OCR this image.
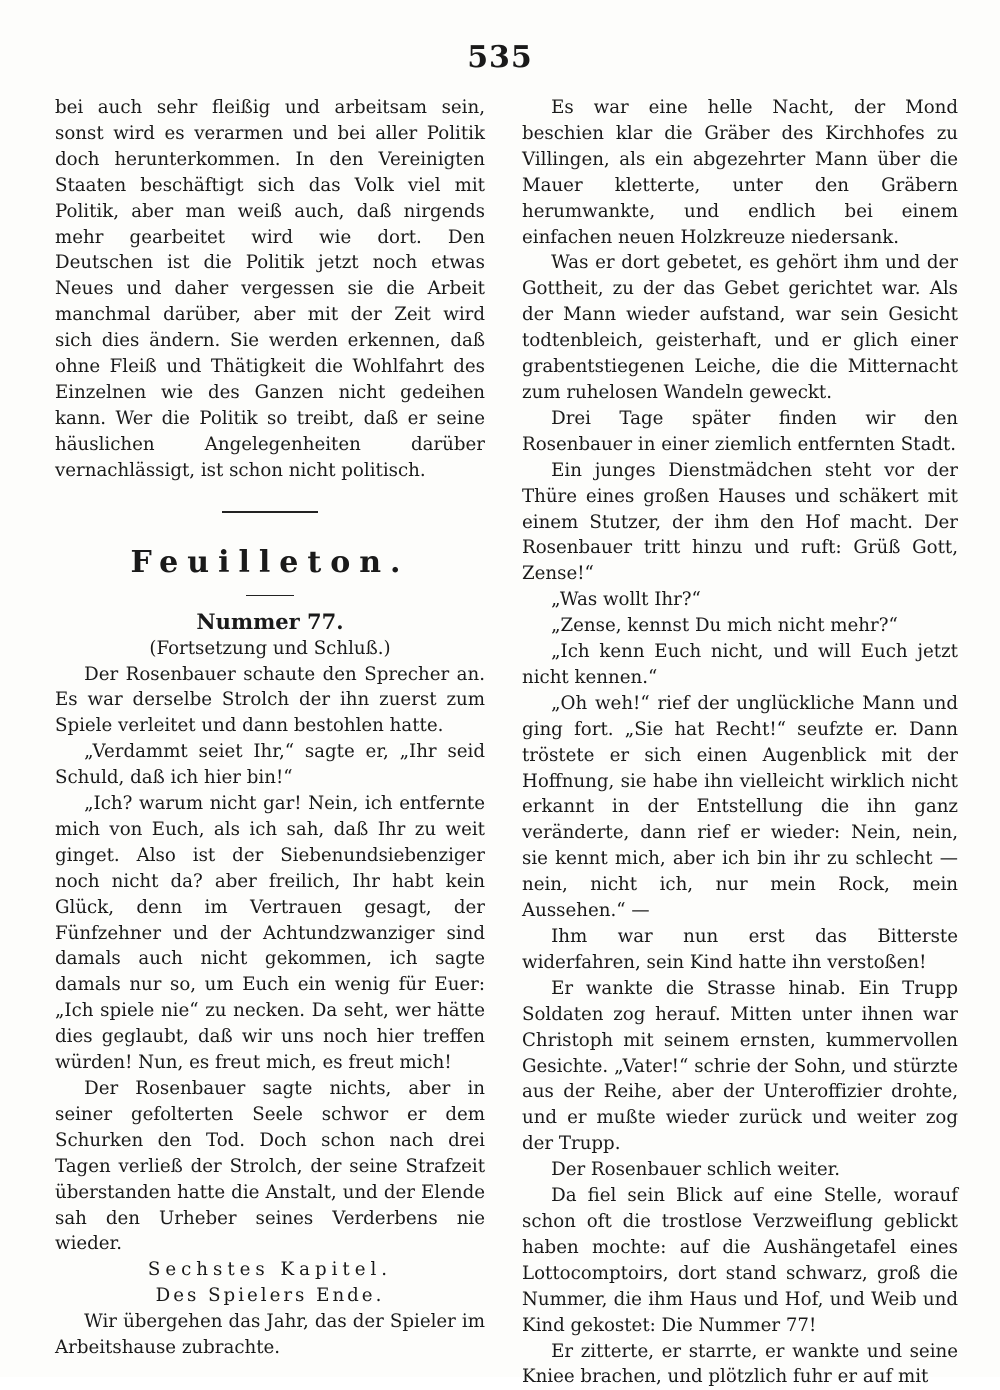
535

bei auch sehr fleißig und arbeitsam sein, sonst wird es verarmen und bei aller Politik doch herunterkommen. In den Vereinigten Staaten beschäftigt sich das Volk viel mit Politik, aber man weiß auch, daß nirgends mehr gearbeitet wird wie dort. Den Deutschen ist die Politik jetzt noch etwas Neues und daher vergessen sie die Arbeit manchmal darüber, aber mit der Zeit wird sich dies ändern. Sie werden erkennen, daß ohne Fleiß und Thätigkeit die Wohlfahrt des Einzelnen wie des Ganzen nicht gedeihen kann. Wer die Politik so treibt, daß er seine häuslichen Angelegenheiten darüber vernachlässigt, ist schon nicht politisch.

Feuilleton.
Nummer 77.

(Fortsetzung und Schluß.)

Der Rosenbauer schaute den Sprecher an. Es war derselbe Strolch der ihn zuerst zum Spiele verleitet und dann bestohlen hatte.

„Verdammt seiet Ihr,“ sagte er, „Ihr seid Schuld, daß ich hier bin!“

„Ich? warum nicht gar! Nein, ich entfernte mich von Euch, als ich sah, daß Ihr zu weit ginget. Also ist der Siebenundsiebenziger noch nicht da? aber freilich, Ihr habt kein Glück, denn im Vertrauen gesagt, der Fünfzehner und der Achtundzwanziger sind damals auch nicht gekommen, ich sagte damals nur so, um Euch ein wenig für Euer: „Ich spiele nie“ zu necken. Da seht, wer hätte dies geglaubt, daß wir uns noch hier treffen würden! Nun, es freut mich, es freut mich!

Der Rosenbauer sagte nichts, aber in seiner gefolterten Seele schwor er dem Schurken den Tod. Doch schon nach drei Tagen verließ der Strolch, der seine Strafzeit überstanden hatte die Anstalt, und der Elende sah den Urheber seines Verderbens nie wieder.

Sechstes Kapitel.

Des Spielers Ende.

Wir übergehen das Jahr, das der Spieler im Arbeitshause zubrachte.

Es war eine helle Nacht, der Mond beschien klar die Gräber des Kirchhofes zu Villingen, als ein abgezehrter Mann über die Mauer kletterte, unter den Gräbern herumwankte, und endlich bei einem einfachen neuen Holzkreuze niedersank.

Was er dort gebetet, es gehört ihm und der Gottheit, zu der das Gebet gerichtet war. Als der Mann wieder aufstand, war sein Gesicht todtenbleich, geisterhaft, und er glich einer grabentstiegenen Leiche, die die Mitternacht zum ruhelosen Wandeln geweckt.

Drei Tage später finden wir den Rosenbauer in einer ziemlich entfernten Stadt.

Ein junges Dienstmädchen steht vor der Thüre eines großen Hauses und schäkert mit einem Stutzer, der ihm den Hof macht. Der Rosenbauer tritt hinzu und ruft: Grüß Gott, Zense!“

„Was wollt Ihr?“

„Zense, kennst Du mich nicht mehr?“

„Ich kenn Euch nicht, und will Euch jetzt nicht kennen.“

„Oh weh!“ rief der unglückliche Mann und ging fort. „Sie hat Recht!“ seufzte er. Dann tröstete er sich einen Augenblick mit der Hoffnung, sie habe ihn vielleicht wirklich nicht erkannt in der Entstellung die ihn ganz veränderte, dann rief er wieder: Nein, nein, sie kennt mich, aber ich bin ihr zu schlecht — nein, nicht ich, nur mein Rock, mein Aussehen.“ —

Ihm war nun erst das Bitterste widerfahren, sein Kind hatte ihn verstoßen!

Er wankte die Strasse hinab. Ein Trupp Soldaten zog herauf. Mitten unter ihnen war Christoph mit seinem ernsten, kummervollen Gesichte. „Vater!“ schrie der Sohn, und stürzte aus der Reihe, aber der Unteroffizier drohte, und er mußte wieder zurück und weiter zog der Trupp.

Der Rosenbauer schlich weiter.

Da fiel sein Blick auf eine Stelle, worauf schon oft die trostlose Verzweiflung geblickt haben mochte: auf die Aushängetafel eines Lottocomptoirs, dort stand schwarz, groß die Nummer, die ihm Haus und Hof, und Weib und Kind gekostet: Die Nummer 77!

Er zitterte, er starrte, er wankte und seine Kniee brachen, und plötzlich fuhr er auf mit
